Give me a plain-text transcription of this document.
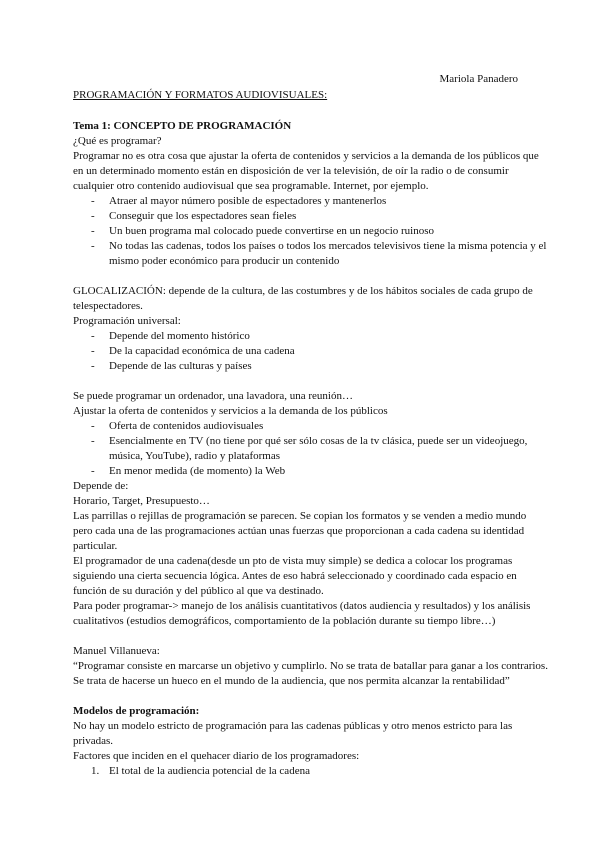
Mariola Panadero

PROGRAMACIÓN Y FORMATOS AUDIOVISUALES:

Tema 1: CONCEPTO DE PROGRAMACIÓN

¿Qué es programar?

Programar no es otra cosa que ajustar la oferta de contenidos y servicios a la demanda de los públicos que en un determinado momento están en disposición de ver la televisión, de oír la radio o de consumir cualquier otro contenido audiovisual que sea programable. Internet, por ejemplo.

- Atraer al mayor número posible de espectadores y mantenerlos
- Conseguir que los espectadores sean fieles
- Un buen programa mal colocado puede convertirse en un negocio ruinoso
- No todas las cadenas, todos los países o todos los mercados televisivos tiene la misma potencia y el mismo poder económico para producir un contenido

GLOCALIZACIÓN: depende de la cultura, de las costumbres y de los hábitos sociales de cada grupo de telespectadores.

Programación universal:

- Depende del momento histórico
- De la capacidad económica de una cadena
- Depende de las culturas y países

Se puede programar un ordenador, una lavadora, una reunión…

Ajustar la oferta de contenidos y servicios a la demanda de los públicos

- Oferta de contenidos audiovisuales
- Esencialmente en TV (no tiene por qué ser sólo cosas de la tv clásica, puede ser un videojuego, música, YouTube), radio y plataformas
- En menor medida (de momento) la Web

Depende de:

Horario, Target, Presupuesto…

Las parrillas o rejillas de programación se parecen. Se copian los formatos y se venden a medio mundo pero cada una de las programaciones actúan unas fuerzas que proporcionan a cada cadena su identidad particular.

El programador de una cadena(desde un pto de vista muy simple) se dedica a colocar los programas siguiendo una cierta secuencia lógica. Antes de eso habrá seleccionado y coordinado cada espacio en función de su duración y del público al que va destinado.

Para poder programar-> manejo de los análisis cuantitativos (datos audiencia y resultados) y los análisis cualitativos (estudios demográficos, comportamiento de la población durante su tiempo libre…)

Manuel Villanueva:

“Programar consiste en marcarse un objetivo y cumplirlo. No se trata de batallar para ganar a los contrarios. Se trata de hacerse un hueco en el mundo de la audiencia, que nos permita alcanzar la rentabilidad”

Modelos de programación:

No hay un modelo estricto de programación para las cadenas públicas y otro menos estricto para las privadas.

Factores que inciden en el quehacer diario de los programadores:

1. El total de la audiencia potencial de la cadena
